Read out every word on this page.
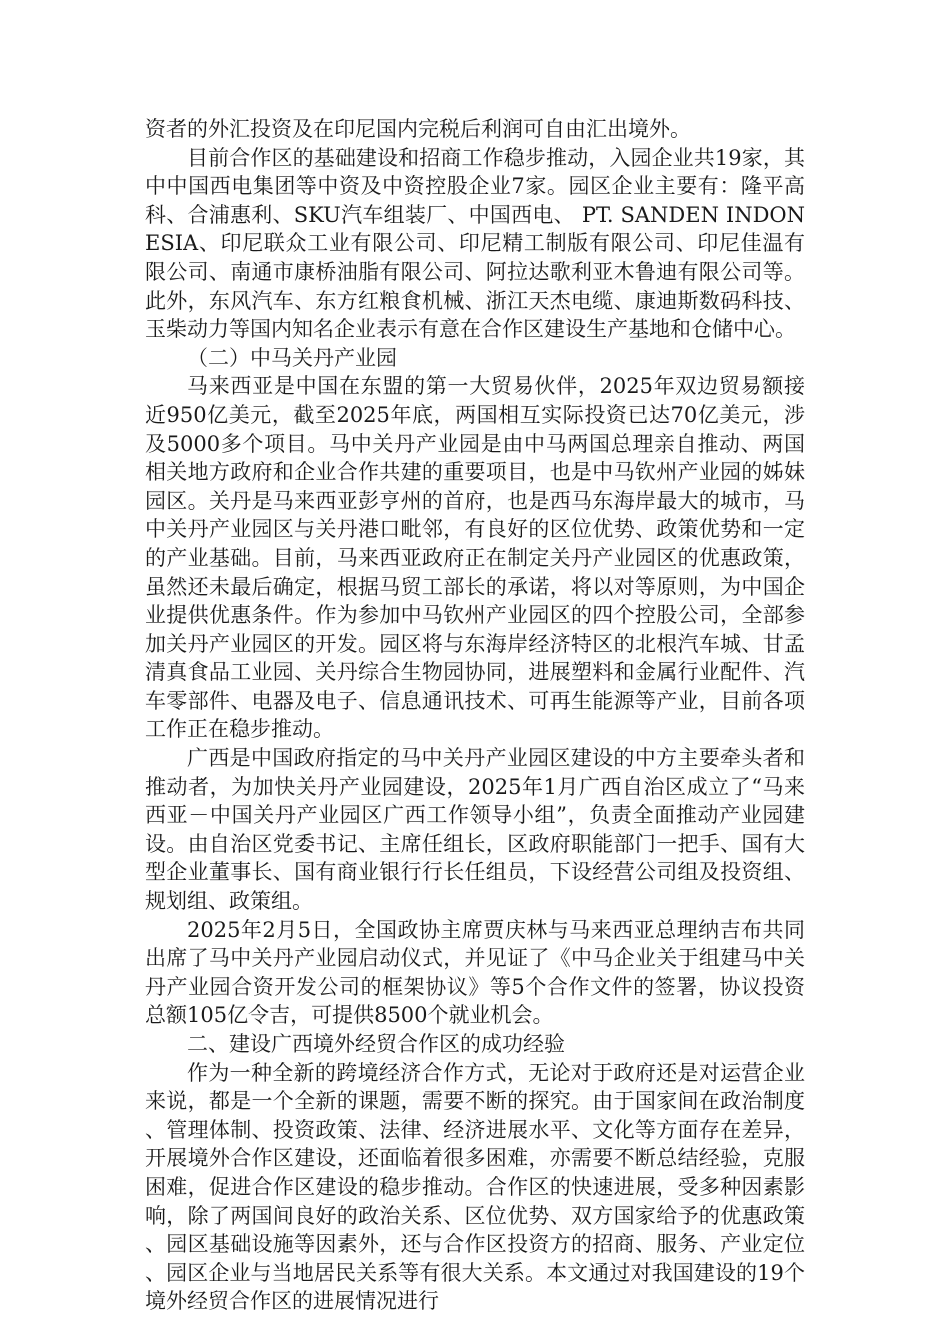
资者的外汇投资及在印尼国内完税后利润可自由汇出境外。

目前合作区的基础建设和招商工作稳步推动，入园企业共19家，其中中国西电集团等中资及中资控股企业7家。园区企业主要有：隆平高科、合浦惠利、SKU汽车组装厂、中国西电、 PT. SANDEN INDONESIA、印尼联众工业有限公司、印尼精工制版有限公司、印尼佳温有限公司、南通市康桥油脂有限公司、阿拉达歌利亚木鲁迪有限公司等。此外，东风汽车、东方红粮食机械、浙江天杰电缆、康迪斯数码科技、玉柴动力等国内知名企业表示有意在合作区建设生产基地和仓储中心。

（二）中马关丹产业园

马来西亚是中国在东盟的第一大贸易伙伴，2025年双边贸易额接近950亿美元，截至2025年底，两国相互实际投资已达70亿美元，涉及5000多个项目。马中关丹产业园是由中马两国总理亲自推动、两国相关地方政府和企业合作共建的重要项目，也是中马钦州产业园的姊妹园区。关丹是马来西亚彭亨州的首府，也是西马东海岸最大的城市，马中关丹产业园区与关丹港口毗邻，有良好的区位优势、政策优势和一定的产业基础。目前，马来西亚政府正在制定关丹产业园区的优惠政策，虽然还未最后确定，根据马贸工部长的承诺，将以对等原则，为中国企业提供优惠条件。作为参加中马钦州产业园区的四个控股公司，全部参加关丹产业园区的开发。园区将与东海岸经济特区的北根汽车城、甘孟清真食品工业园、关丹综合生物园协同，进展塑料和金属行业配件、汽车零部件、电器及电子、信息通讯技术、可再生能源等产业，目前各项工作正在稳步推动。

广西是中国政府指定的马中关丹产业园区建设的中方主要牵头者和推动者，为加快关丹产业园建设，2025年1月广西自治区成立了“马来西亚－中国关丹产业园区广西工作领导小组”，负责全面推动产业园建设。由自治区党委书记、主席任组长，区政府职能部门一把手、国有大型企业董事长、国有商业银行行长任组员，下设经营公司组及投资组、规划组、政策组。

2025年2月5日，全国政协主席贾庆林与马来西亚总理纳吉布共同出席了马中关丹产业园启动仪式，并见证了《中马企业关于组建马中关丹产业园合资开发公司的框架协议》等5个合作文件的签署，协议投资总额105亿令吉，可提供8500个就业机会。

二、建设广西境外经贸合作区的成功经验

作为一种全新的跨境经济合作方式，无论对于政府还是对运营企业来说，都是一个全新的课题，需要不断的探究。由于国家间在政治制度、管理体制、投资政策、法律、经济进展水平、文化等方面存在差异，开展境外合作区建设，还面临着很多困难，亦需要不断总结经验，克服困难，促进合作区建设的稳步推动。合作区的快速进展，受多种因素影响，除了两国间良好的政治关系、区位优势、双方国家给予的优惠政策、园区基础设施等因素外，还与合作区投资方的招商、服务、产业定位、园区企业与当地居民关系等有很大关系。本文通过对我国建设的19个境外经贸合作区的进展情况进行
